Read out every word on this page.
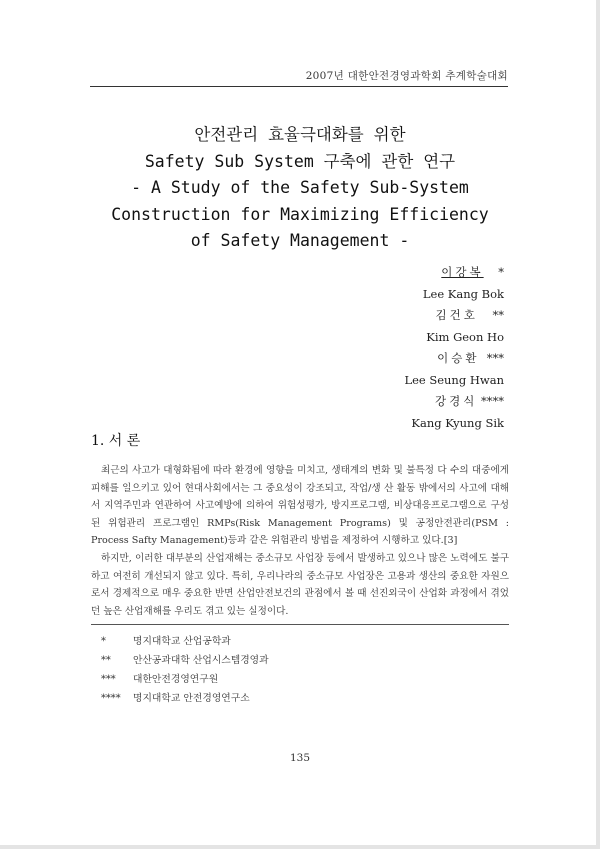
2007년 대한안전경영과학회 추계학술대회
안전관리 효율극대화를 위한
Safety Sub System 구축에 관한 연구
- A Study of the Safety Sub-System
Construction for Maximizing Efficiency
of Safety Management -
이강복 *
Lee Kang Bok
김건호 **
Kim Geon Ho
이승환 ***
Lee Seung Hwan
강경식 ****
Kang Kyung Sik
1. 서 론

최근의 사고가 대형화됨에 따라 환경에 영향을 미치고, 생태계의 변화 및 불특정 다 수의 대중에게 피해를 일으키고 있어 현대사회에서는 그 중요성이 강조되고, 작업/생 산 활동 밖에서의 사고에 대해서 지역주민과 연관하여 사고예방에 의하여 위험성평가, 방지프로그램, 비상대응프로그램으로 구성된 위험관리 프로그램인 RMPs(Risk Management Programs) 및 공정안전관리(PSM : Process Safty Management)등과 같은 위험관리 방법을 제정하여 시행하고 있다.[3]

하지만, 이러한 대부분의 산업재해는 중소규모 사업장 등에서 발생하고 있으나 많은 노력에도 불구하고 여전히 개선되지 않고 있다. 특히, 우리나라의 중소규모 사업장은 고용과 생산의 중요한 자원으로서 경제적으로 매우 중요한 반면 산업안전보건의 관점에서 볼 때 선진외국이 산업화 과정에서 겪었던 높은 산업재해를 우리도 겪고 있는 실정이다.

*	명지대학교 산업공학과
** 안산공과대학 산업시스템경영과
*** 대한안전경영연구원
**** 명지대학교 안전경영연구소
135
